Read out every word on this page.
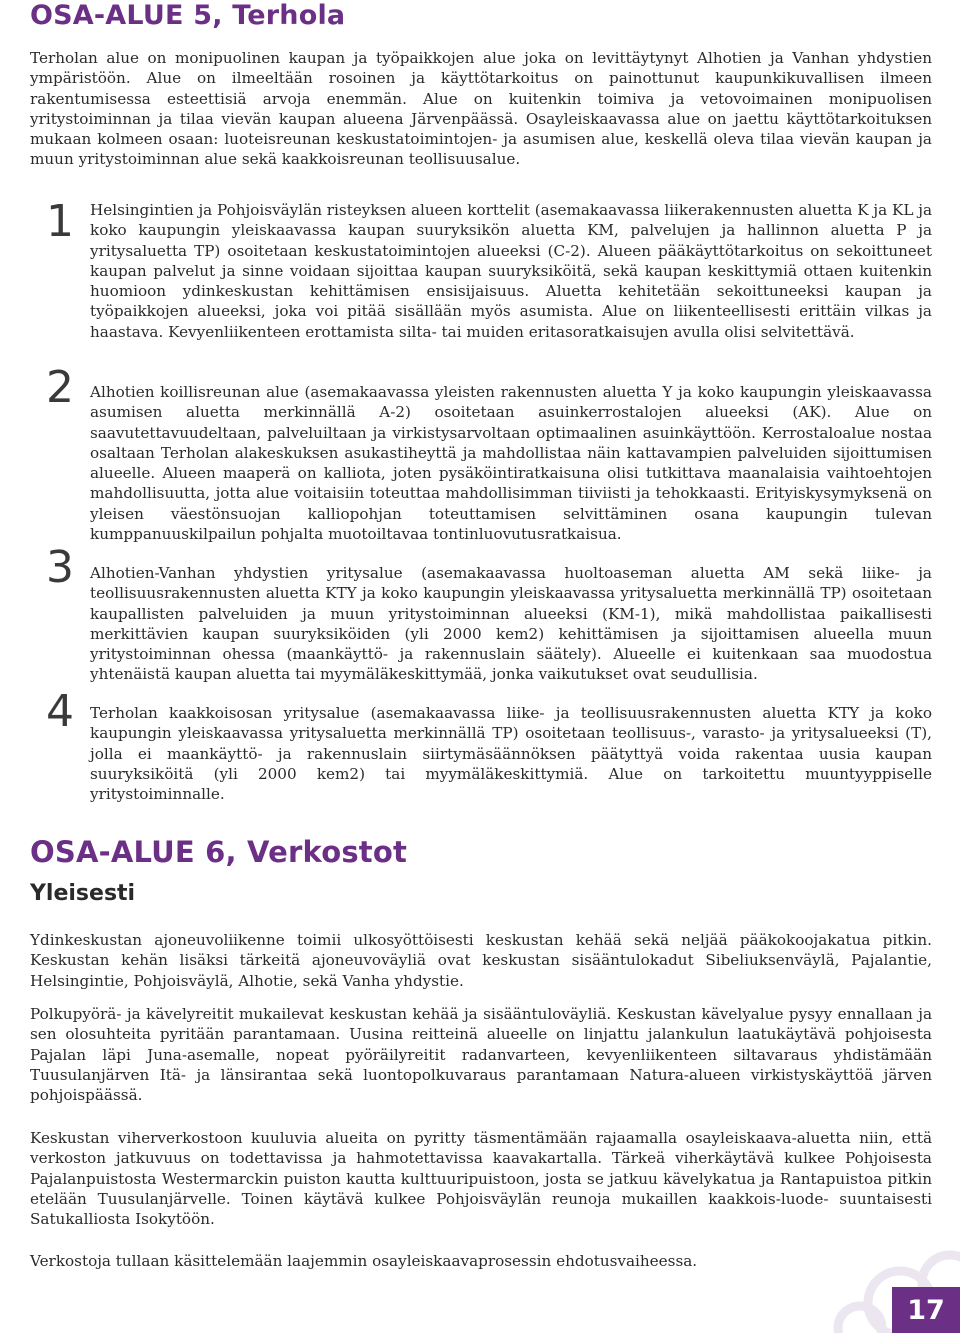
OSA-ALUE 5, Terhola

Terholan alue on monipuolinen kaupan ja työpaikkojen alue joka on levittäytynyt Alhotien ja Vanhan yhdystien ympäristöön. Alue on ilmeeltään rosoinen ja käyttötarkoitus on painottunut kaupunkikuvallisen ilmeen rakentumisessa esteettisiä arvoja enemmän. Alue on kuitenkin toimiva ja vetovoimainen monipuolisen yritystoiminnan ja tilaa vievän kaupan alueena Järvenpäässä. Osayleiskaavassa alue on jaettu käyttötarkoituksen mukaan kolmeen osaan: luoteisreunan keskustatoimintojen- ja asumisen alue, keskellä oleva tilaa vievän kaupan ja muun yritystoiminnan alue sekä kaakkoisreunan teollisuusalue.

1 Helsingintien ja Pohjoisväylän risteyksen alueen korttelit (asemakaavassa liikerakennusten aluetta K ja KL ja koko kaupungin yleiskaavassa kaupan suuryksikön aluetta KM, palvelujen ja hallinnon aluetta P ja yritysaluetta TP) osoitetaan keskustatoimintojen alueeksi (C-2). Alueen pääkäyttötarkoitus on sekoittuneet kaupan palvelut ja sinne voidaan sijoittaa kaupan suuryksiköitä, sekä kaupan keskittymiä ottaen kuitenkin huomioon ydinkeskustan kehittämisen ensisijaisuus. Aluetta kehitetään sekoittuneeksi kaupan ja työpaikkojen alueeksi, joka voi pitää sisällään myös asumista. Alue on liikenteellisesti erittäin vilkas ja haastava. Kevyenliikenteen erottamista silta- tai muiden eritasoratkaisujen avulla olisi selvitettävä.

2 Alhotien koillisreunan alue (asemakaavassa yleisten rakennusten aluetta Y ja koko kaupungin yleiskaavassa asumisen aluetta merkinnällä A-2) osoitetaan asuinkerrostalojen alueeksi (AK). Alue on saavutettavuudeltaan, palveluiltaan ja virkistysarvoltaan optimaalinen asuinkäyttöön. Kerrostaloalue nostaa osaltaan Terholan alakeskuksen asukastiheyttä ja mahdollistaa näin kattavampien palveluiden sijoittumisen alueelle. Alueen maaperä on kalliota, joten pysäköintiratkaisuna olisi tutkittava maanalaisia vaihtoehtojen mahdollisuutta, jotta alue voitaisiin toteuttaa mahdollisimman tiiviisti ja tehokkaasti. Erityiskysymyksenä on yleisen väestönsuojan kalliopohjan toteuttamisen selvittäminen osana kaupungin tulevan kumppanuuskilpailun pohjalta muotoiltavaa tontinluovutusratkaisua.

3 Alhotien-Vanhan yhdystien yritysalue (asemakaavassa huoltoaseman aluetta AM sekä liike- ja teollisuusrakennusten aluetta KTY ja koko kaupungin yleiskaavassa yritysaluetta merkinnällä TP) osoitetaan kaupallisten palveluiden ja muun yritystoiminnan alueeksi (KM-1), mikä mahdollistaa paikallisesti merkittävien kaupan suuryksiköiden (yli 2000 kem2) kehittämisen ja sijoittamisen alueella muun yritystoiminnan ohessa (maankäyttö- ja rakennuslain säätely). Alueelle ei kuitenkaan saa muodostua yhtenäistä kaupan aluetta tai myymäläkeskittymää, jonka vaikutukset ovat seudullisia.

4 Terholan kaakkoisosan yritysalue (asemakaavassa liike- ja teollisuusrakennusten aluetta KTY ja koko kaupungin yleiskaavassa yritysaluetta merkinnällä TP) osoitetaan teollisuus-, varasto- ja yritysalueeksi (T), jolla ei maankäyttö- ja rakennuslain siirtymäsäännöksen päätyttyä voida rakentaa uusia kaupan suuryksiköitä (yli 2000 kem2) tai myymäläkeskittymiä. Alue on tarkoitettu muuntyyppiselle yritystoiminnalle.

OSA-ALUE 6, Verkostot
Yleisesti

Ydinkeskustan ajoneuvoliikenne toimii ulkosyöttöisesti keskustan kehää sekä neljää pääkokoojakatua pitkin. Keskustan kehän lisäksi tärkeitä ajoneuvoväyliä ovat keskustan sisääntulokadut Sibeliuksenväylä, Pajalantie, Helsingintie, Pohjoisväylä, Alhotie, sekä Vanha yhdystie.

Polkupyörä- ja kävelyreitit mukailevat keskustan kehää ja sisääntuloväyliä. Keskustan kävelyalue pysyy ennallaan ja sen olosuhteita pyritään parantamaan. Uusina reitteinä alueelle on linjattu jalankulun laatukäytävä pohjoisesta Pajalan läpi Juna-asemalle, nopeat pyöräilyreitit radanvarteen, kevyenliikenteen siltavaraus yhdistämään Tuusulanjärven Itä- ja länsirantaa sekä luontopolkuvaraus parantamaan Natura-alueen virkistyskäyttöä järven pohjoispäässä.

Keskustan viherverkostoon kuuluvia alueita on pyritty täsmentämään rajaamalla osayleiskaava-aluetta niin, että verkoston jatkuvuus on todettavissa ja hahmotettavissa kaavakartalla. Tärkeä viherkäytävä kulkee Pohjoisesta Pajalanpuistosta Westermarckin puiston kautta kulttuuripuistoon, josta se jatkuu kävelykatua ja Rantapuistoa pitkin etelään Tuusulanjärvelle. Toinen käytävä kulkee Pohjoisväylän reunoja mukaillen kaakkois-luode- suuntaisesti Satukalliosta Isokytöön.

Verkostoja tullaan käsittelemään laajemmin osayleiskaavaprosessin ehdotusvaiheessa.

17
